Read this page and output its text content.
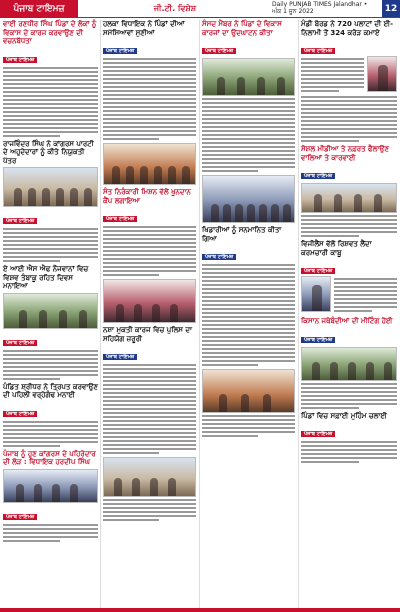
ਪੰਜਾਬ ਟਾਇਮਜ਼	ਜੀ.ਟੀ. ਵਿਸ਼ੇਸ਼	Daily PUNJAB TIMES Jalandhar • ਅੰਕ 1 ਜੂਨ 2022	12
ਵਾਈ ਰਣਧੀਰ ਸਿੰਘ ਪਿੰਡਾਂ ਦੇ ਲੋਕਾਂ ਨੂੰ ਵਿਕਾਸ ਦੇ ਕਾਰਜ ਕਰਵਾਉਣ ਦੀ ਵਚਨਬੱਧਤਾ
ਪੰਜਾਬ ਟਾਇਮਜ਼
ਰਾਜਵਿੰਦਰ ਸਿੰਘ ਨੇ ਕਾਂਗਰਸ ਪਾਰਟੀ ਦੇ ਅਹੁਦੇਦਾਰਾਂ ਨੂੰ ਕੀਤੇ ਨਿਯੁਕਤੀ ਪੱਤਰ
ਪੰਜਾਬ ਟਾਇਮਜ਼
ਏ ਆਈ ਐਸ ਐਫ ਨੌਜਵਾਨਾਂ ਵਿਚ ਵਿਸ਼ਵ ਤੰਬਾਕੂ ਰਹਿਤ ਦਿਵਸ ਮਨਾਇਆ
ਪੰਜਾਬ ਟਾਇਮਜ਼
ਪੰਡਿਤ ਸ਼੍ਰੀਧਰ ਨੇ ਤ੍ਰਿਪਤ ਕਰਵਾਉਣ ਦੀ ਪਹਿਲੀ ਵਰ੍ਹੇਗੰਢ ਮਨਾਈ
ਪੰਜਾਬ ਟਾਇਮਜ਼
ਪੰਜਾਬ ਨੂੰ ਹੁਣ ਕਾਂਗਰਸ ਦੇ ਪਹਿਰੇਦਾਰ ਦੀ ਲੋੜ : ਵਿਧਾਇਕ ਹਰਦੀਪ ਸਿੰਘ
ਪੰਜਾਬ ਟਾਇਮਜ਼
ਹਲਕਾ ਵਿਧਾਇਕ ਨੇ ਪਿੰਡਾਂ ਦੀਆਂ ਸਮੱਸਿਆਵਾਂ ਸੁਣੀਆਂ
ਪੰਜਾਬ ਟਾਇਮਜ਼
ਸੰਤ ਨਿਰੰਕਾਰੀ ਮਿਸ਼ਨ ਵੱਲੋਂ ਖੂਨਦਾਨ ਕੈਂਪ ਲਗਾਇਆ
ਪੰਜਾਬ ਟਾਇਮਜ਼
ਨਸ਼ਾ ਮੁਕਤੀ ਕਾਰਜ ਵਿਚ ਪੁਲਿਸ ਦਾ ਸਹਿਯੋਗ ਜ਼ਰੂਰੀ
ਪੰਜਾਬ ਟਾਇਮਜ਼
ਸੰਸਦ ਮੈਂਬਰ ਨੇ ਪਿੰਡਾਂ ਦੇ ਵਿਕਾਸ ਕਾਰਜਾਂ ਦਾ ਉਦਘਾਟਨ ਕੀਤਾ
ਪੰਜਾਬ ਟਾਇਮਜ਼
ਖਿਡਾਰੀਆਂ ਨੂੰ ਸਨਮਾਨਿਤ ਕੀਤਾ ਗਿਆ
ਪੰਜਾਬ ਟਾਇਮਜ਼
ਮੰਡੀ ਬੋਰਡ ਨੇ 720 ਪਲਾਟਾਂ ਦੀ ਈ-ਨਿਲਾਮੀ ਤੋਂ 324 ਕਰੋੜ ਕਮਾਏ
ਪੰਜਾਬ ਟਾਇਮਜ਼
ਸੋਸ਼ਲ ਮੀਡੀਆ ਤੇ ਨਫ਼ਰਤ ਫੈਲਾਉਣ ਵਾਲਿਆਂ ਤੇ ਕਾਰਵਾਈ
ਪੰਜਾਬ ਟਾਇਮਜ਼
ਵਿਜੀਲੈਂਸ ਵੱਲੋਂ ਰਿਸ਼ਵਤ ਲੈਂਦਾ ਕਰਮਚਾਰੀ ਕਾਬੂ
ਪੰਜਾਬ ਟਾਇਮਜ਼
ਕਿਸਾਨ ਜਥੇਬੰਦੀਆਂ ਦੀ ਮੀਟਿੰਗ ਹੋਈ
ਪੰਜਾਬ ਟਾਇਮਜ਼
ਪਿੰਡਾਂ ਵਿਚ ਸਫ਼ਾਈ ਮੁਹਿੰਮ ਚਲਾਈ
ਪੰਜਾਬ ਟਾਇਮਜ਼
